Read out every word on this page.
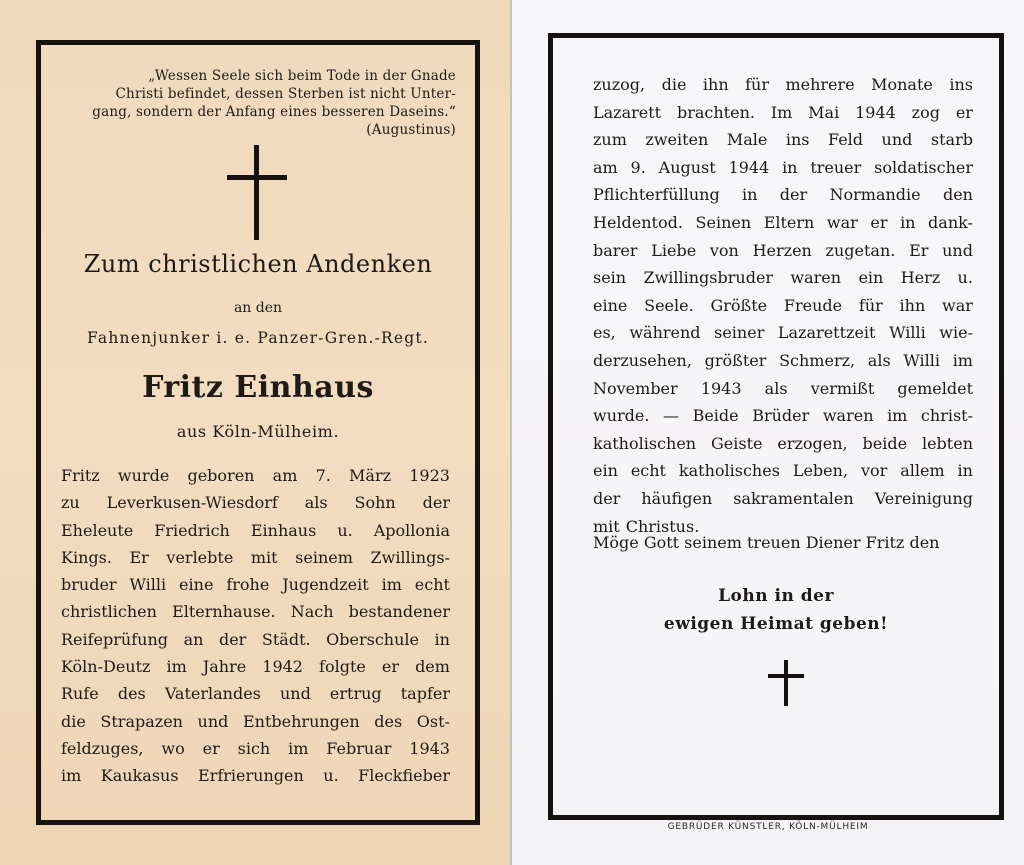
„Wessen Seele sich beim Tode in der Gnade
Christi befindet, dessen Sterben ist nicht Unter-
gang, sondern der Anfang eines besseren Daseins.“
(Augustinus)
Zum christlichen Andenken
an den
Fahnenjunker i. e. Panzer-Gren.-Regt.
Fritz Einhaus
aus Köln-Mülheim.
Fritz wurde geboren am 7. März 1923
zu Leverkusen-Wiesdorf als Sohn der
Eheleute Friedrich Einhaus u. Apollonia
Kings. Er verlebte mit seinem Zwillings-
bruder Willi eine frohe Jugendzeit im echt
christlichen Elternhause. Nach bestandener
Reifeprüfung an der Städt. Oberschule in
Köln-Deutz im Jahre 1942 folgte er dem
Rufe des Vaterlandes und ertrug tapfer
die Strapazen und Entbehrungen des Ost-
feldzuges, wo er sich im Februar 1943
im Kaukasus Erfrierungen u. Fleckfieber
zuzog, die ihn für mehrere Monate ins
Lazarett brachten. Im Mai 1944 zog er
zum zweiten Male ins Feld und starb
am 9. August 1944 in treuer soldatischer
Pflichterfüllung in der Normandie den
Heldentod. Seinen Eltern war er in dank-
barer Liebe von Herzen zugetan. Er und
sein Zwillingsbruder waren ein Herz u.
eine Seele. Größte Freude für ihn war
es, während seiner Lazarettzeit Willi wie-
derzusehen, größter Schmerz, als Willi im
November 1943 als vermißt gemeldet
wurde. — Beide Brüder waren im christ-
katholischen Geiste erzogen, beide lebten
ein echt katholisches Leben, vor allem in
der häufigen sakramentalen Vereinigung
mit Christus.
Möge Gott seinem treuen Diener Fritz den
Lohn in der
ewigen Heimat geben!
GEBRÜDER KÜNSTLER, KÖLN-MÜLHEIM
